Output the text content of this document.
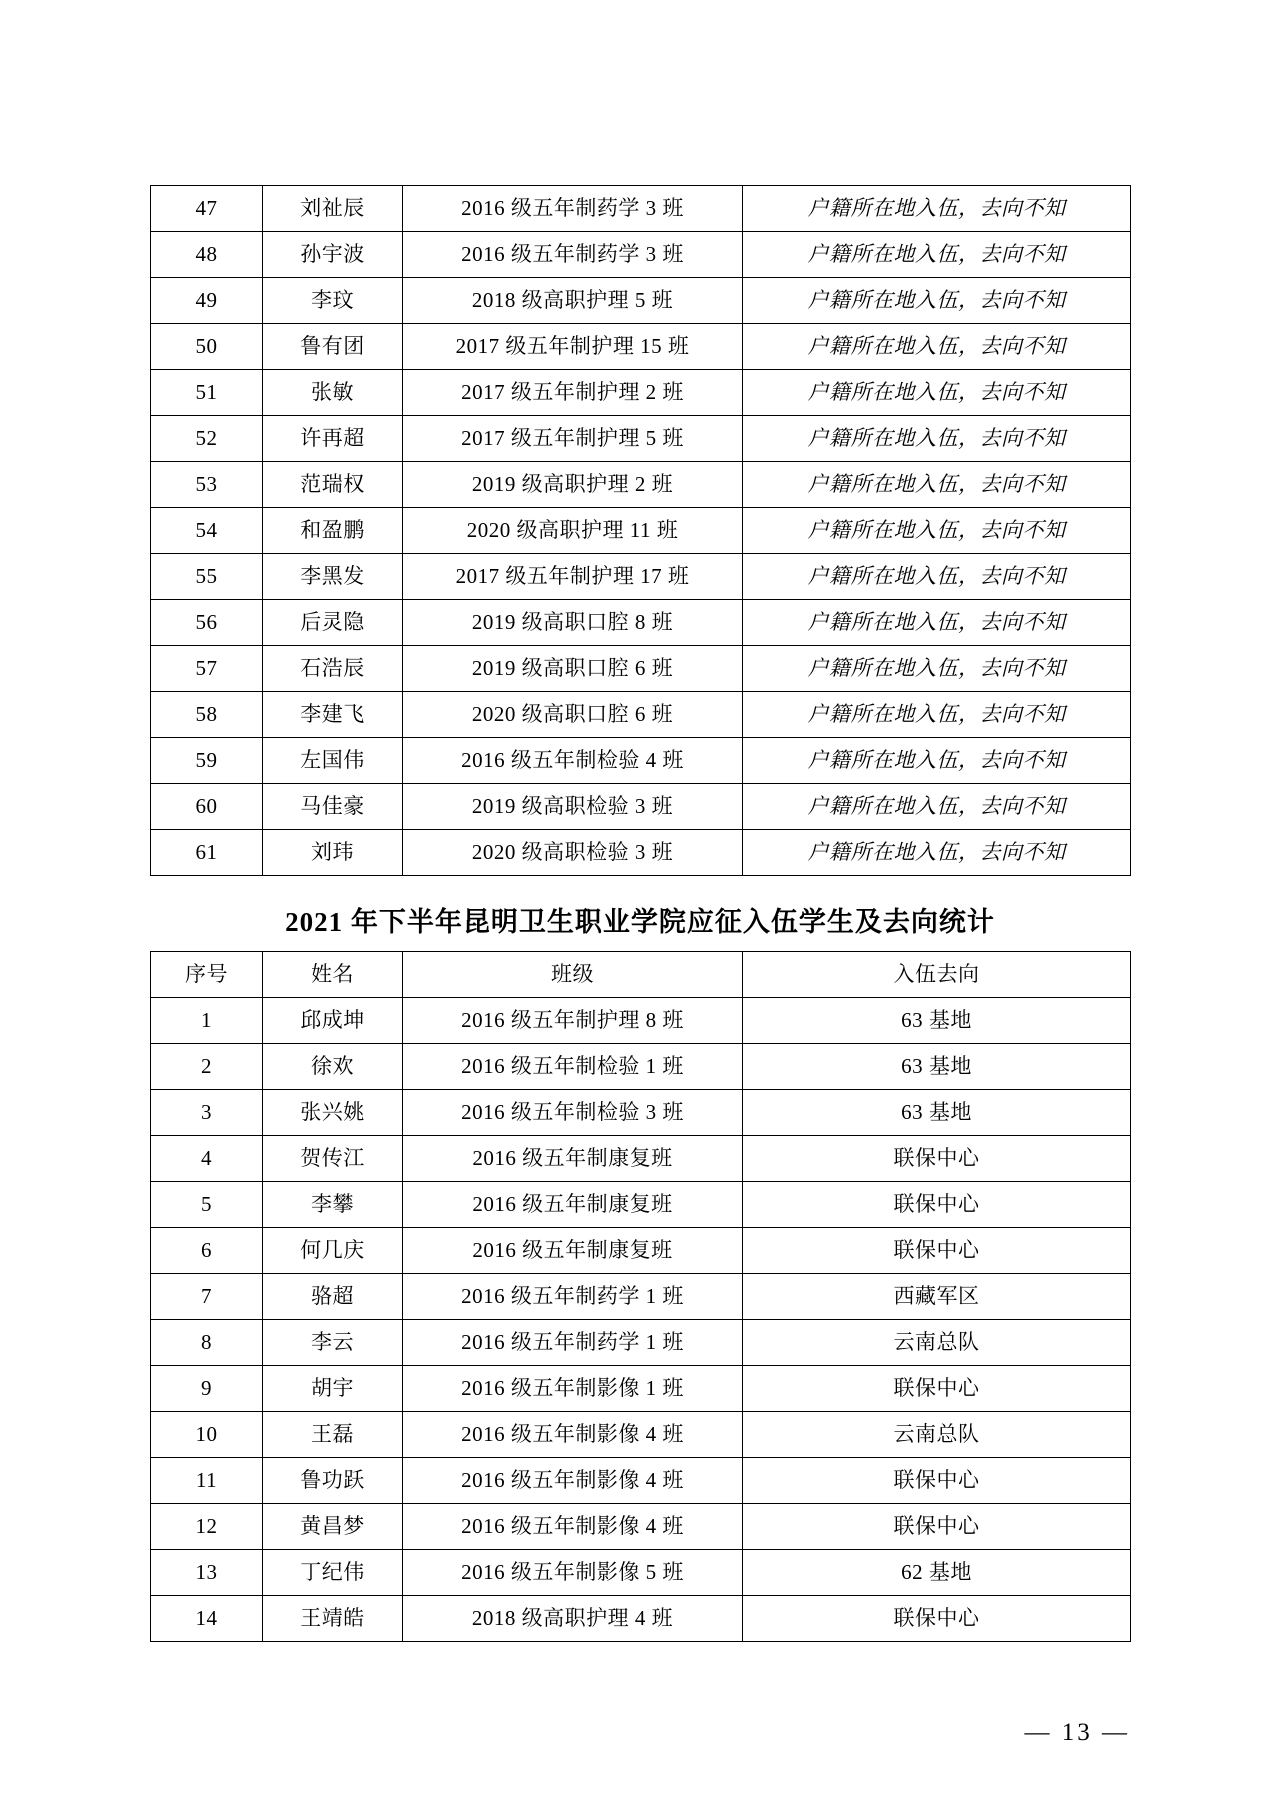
47	刘祉辰	2016 级五年制药学 3 班	户籍所在地入伍，去向不知
48	孙宇波	2016 级五年制药学 3 班	户籍所在地入伍，去向不知
49	李玟	2018 级高职护理 5 班	户籍所在地入伍，去向不知
50	鲁有团	2017 级五年制护理 15 班	户籍所在地入伍，去向不知
51	张敏	2017 级五年制护理 2 班	户籍所在地入伍，去向不知
52	许再超	2017 级五年制护理 5 班	户籍所在地入伍，去向不知
53	范瑞权	2019 级高职护理 2 班	户籍所在地入伍，去向不知
54	和盈鹏	2020 级高职护理 11 班	户籍所在地入伍，去向不知
55	李黑发	2017 级五年制护理 17 班	户籍所在地入伍，去向不知
56	后灵隐	2019 级高职口腔 8 班	户籍所在地入伍，去向不知
57	石浩辰	2019 级高职口腔 6 班	户籍所在地入伍，去向不知
58	李建飞	2020 级高职口腔 6 班	户籍所在地入伍，去向不知
59	左国伟	2016 级五年制检验 4 班	户籍所在地入伍，去向不知
60	马佳豪	2019 级高职检验 3 班	户籍所在地入伍，去向不知
61	刘玮	2020 级高职检验 3 班	户籍所在地入伍，去向不知
2021 年下半年昆明卫生职业学院应征入伍学生及去向统计
序号	姓名	班级	入伍去向
1	邱成坤	2016 级五年制护理 8 班	63 基地
2	徐欢	2016 级五年制检验 1 班	63 基地
3	张兴姚	2016 级五年制检验 3 班	63 基地
4	贺传江	2016 级五年制康复班	联保中心
5	李攀	2016 级五年制康复班	联保中心
6	何几庆	2016 级五年制康复班	联保中心
7	骆超	2016 级五年制药学 1 班	西藏军区
8	李云	2016 级五年制药学 1 班	云南总队
9	胡宇	2016 级五年制影像 1 班	联保中心
10	王磊	2016 级五年制影像 4 班	云南总队
11	鲁功跃	2016 级五年制影像 4 班	联保中心
12	黄昌梦	2016 级五年制影像 4 班	联保中心
13	丁纪伟	2016 级五年制影像 5 班	62 基地
14	王靖皓	2018 级高职护理 4 班	联保中心
— 13 —
